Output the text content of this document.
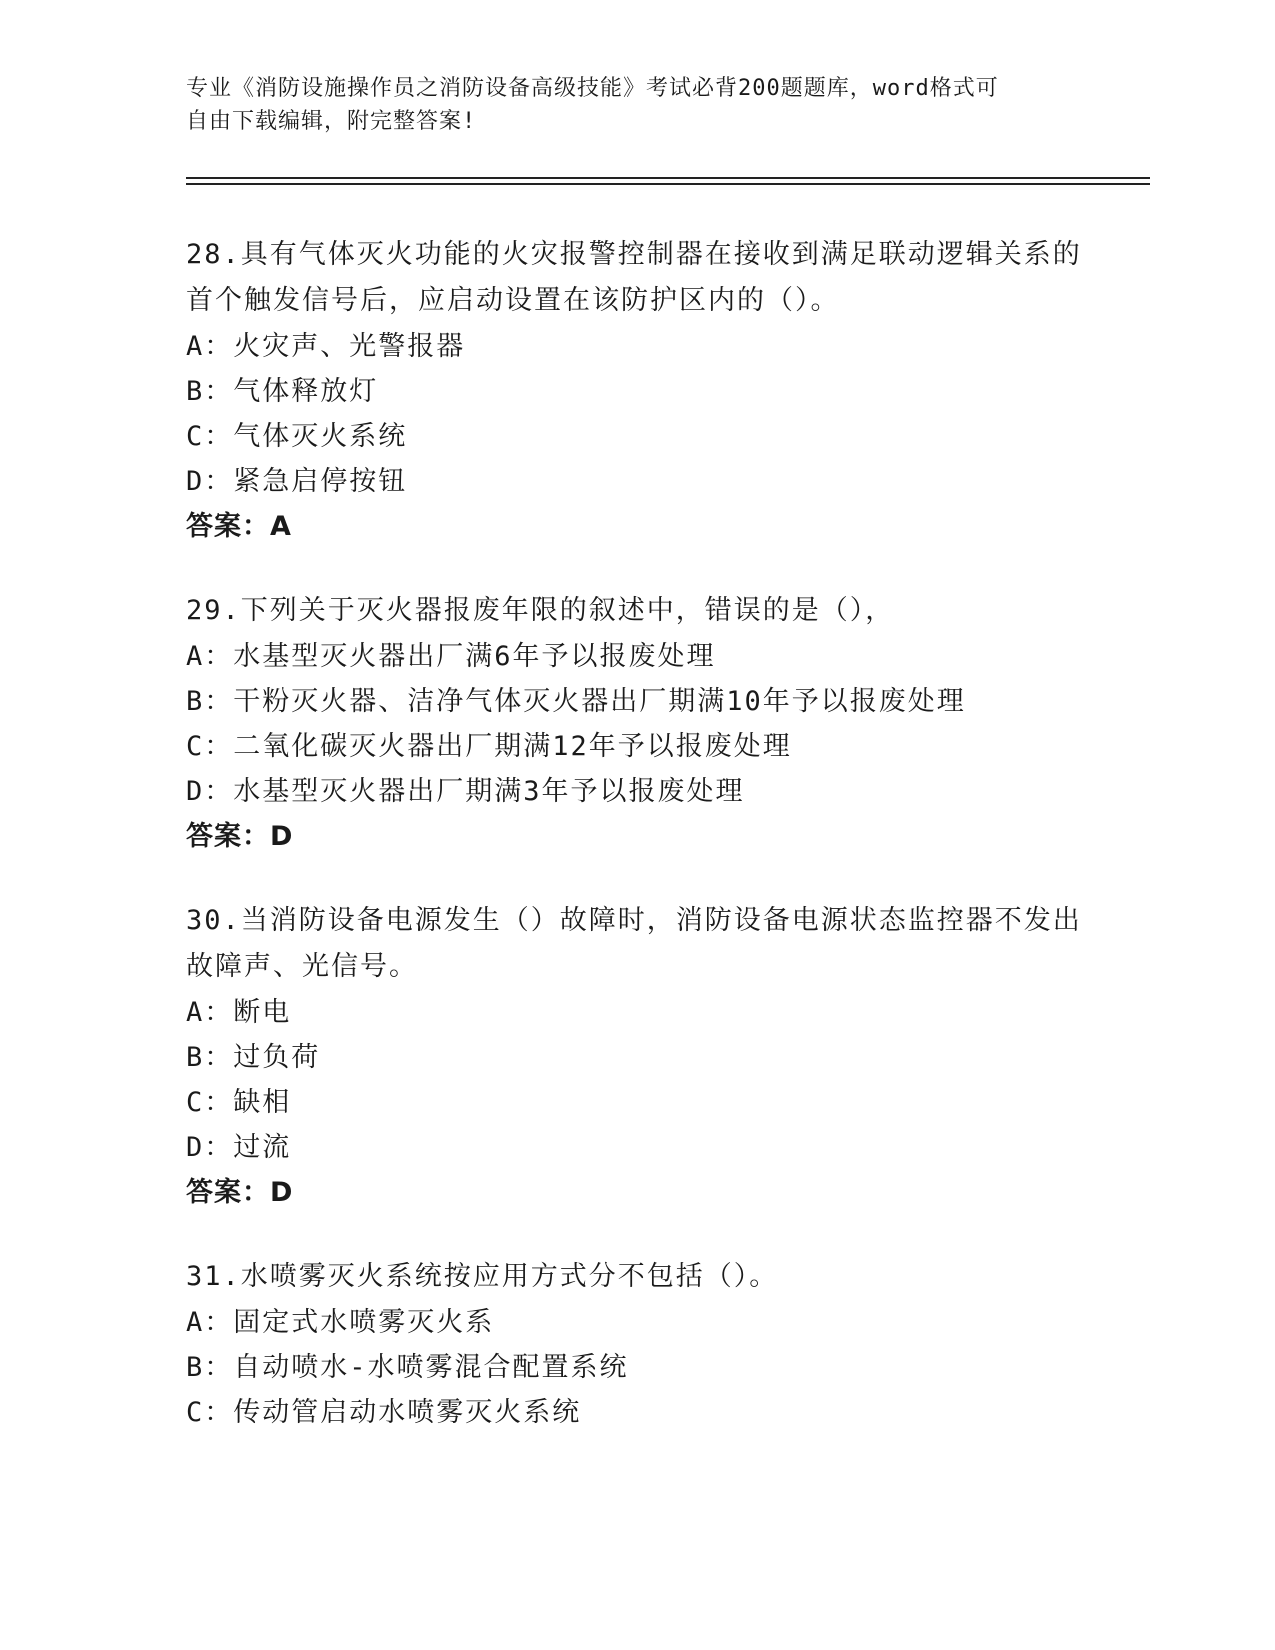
专业《消防设施操作员之消防设备高级技能》考试必背200题题库，word格式可
自由下载编辑，附完整答案!
28.具有气体灭火功能的火灾报警控制器在接收到满足联动逻辑关系的
首个触发信号后，应启动设置在该防护区内的（）。
A：火灾声、光警报器
B：气体释放灯
C：气体灭火系统
D：紧急启停按钮
答案：A
29.下列关于灭火器报废年限的叙述中，错误的是（），
A：水基型灭火器出厂满6年予以报废处理
B：干粉灭火器、洁净气体灭火器出厂期满10年予以报废处理
C：二氧化碳灭火器出厂期满12年予以报废处理
D：水基型灭火器出厂期满3年予以报废处理
答案：D
30.当消防设备电源发生（）故障时，消防设备电源状态监控器不发出
故障声、光信号。
A：断电
B：过负荷
C：缺相
D：过流
答案：D
31.水喷雾灭火系统按应用方式分不包括（）。
A：固定式水喷雾灭火系
B：自动喷水-水喷雾混合配置系统
C：传动管启动水喷雾灭火系统
